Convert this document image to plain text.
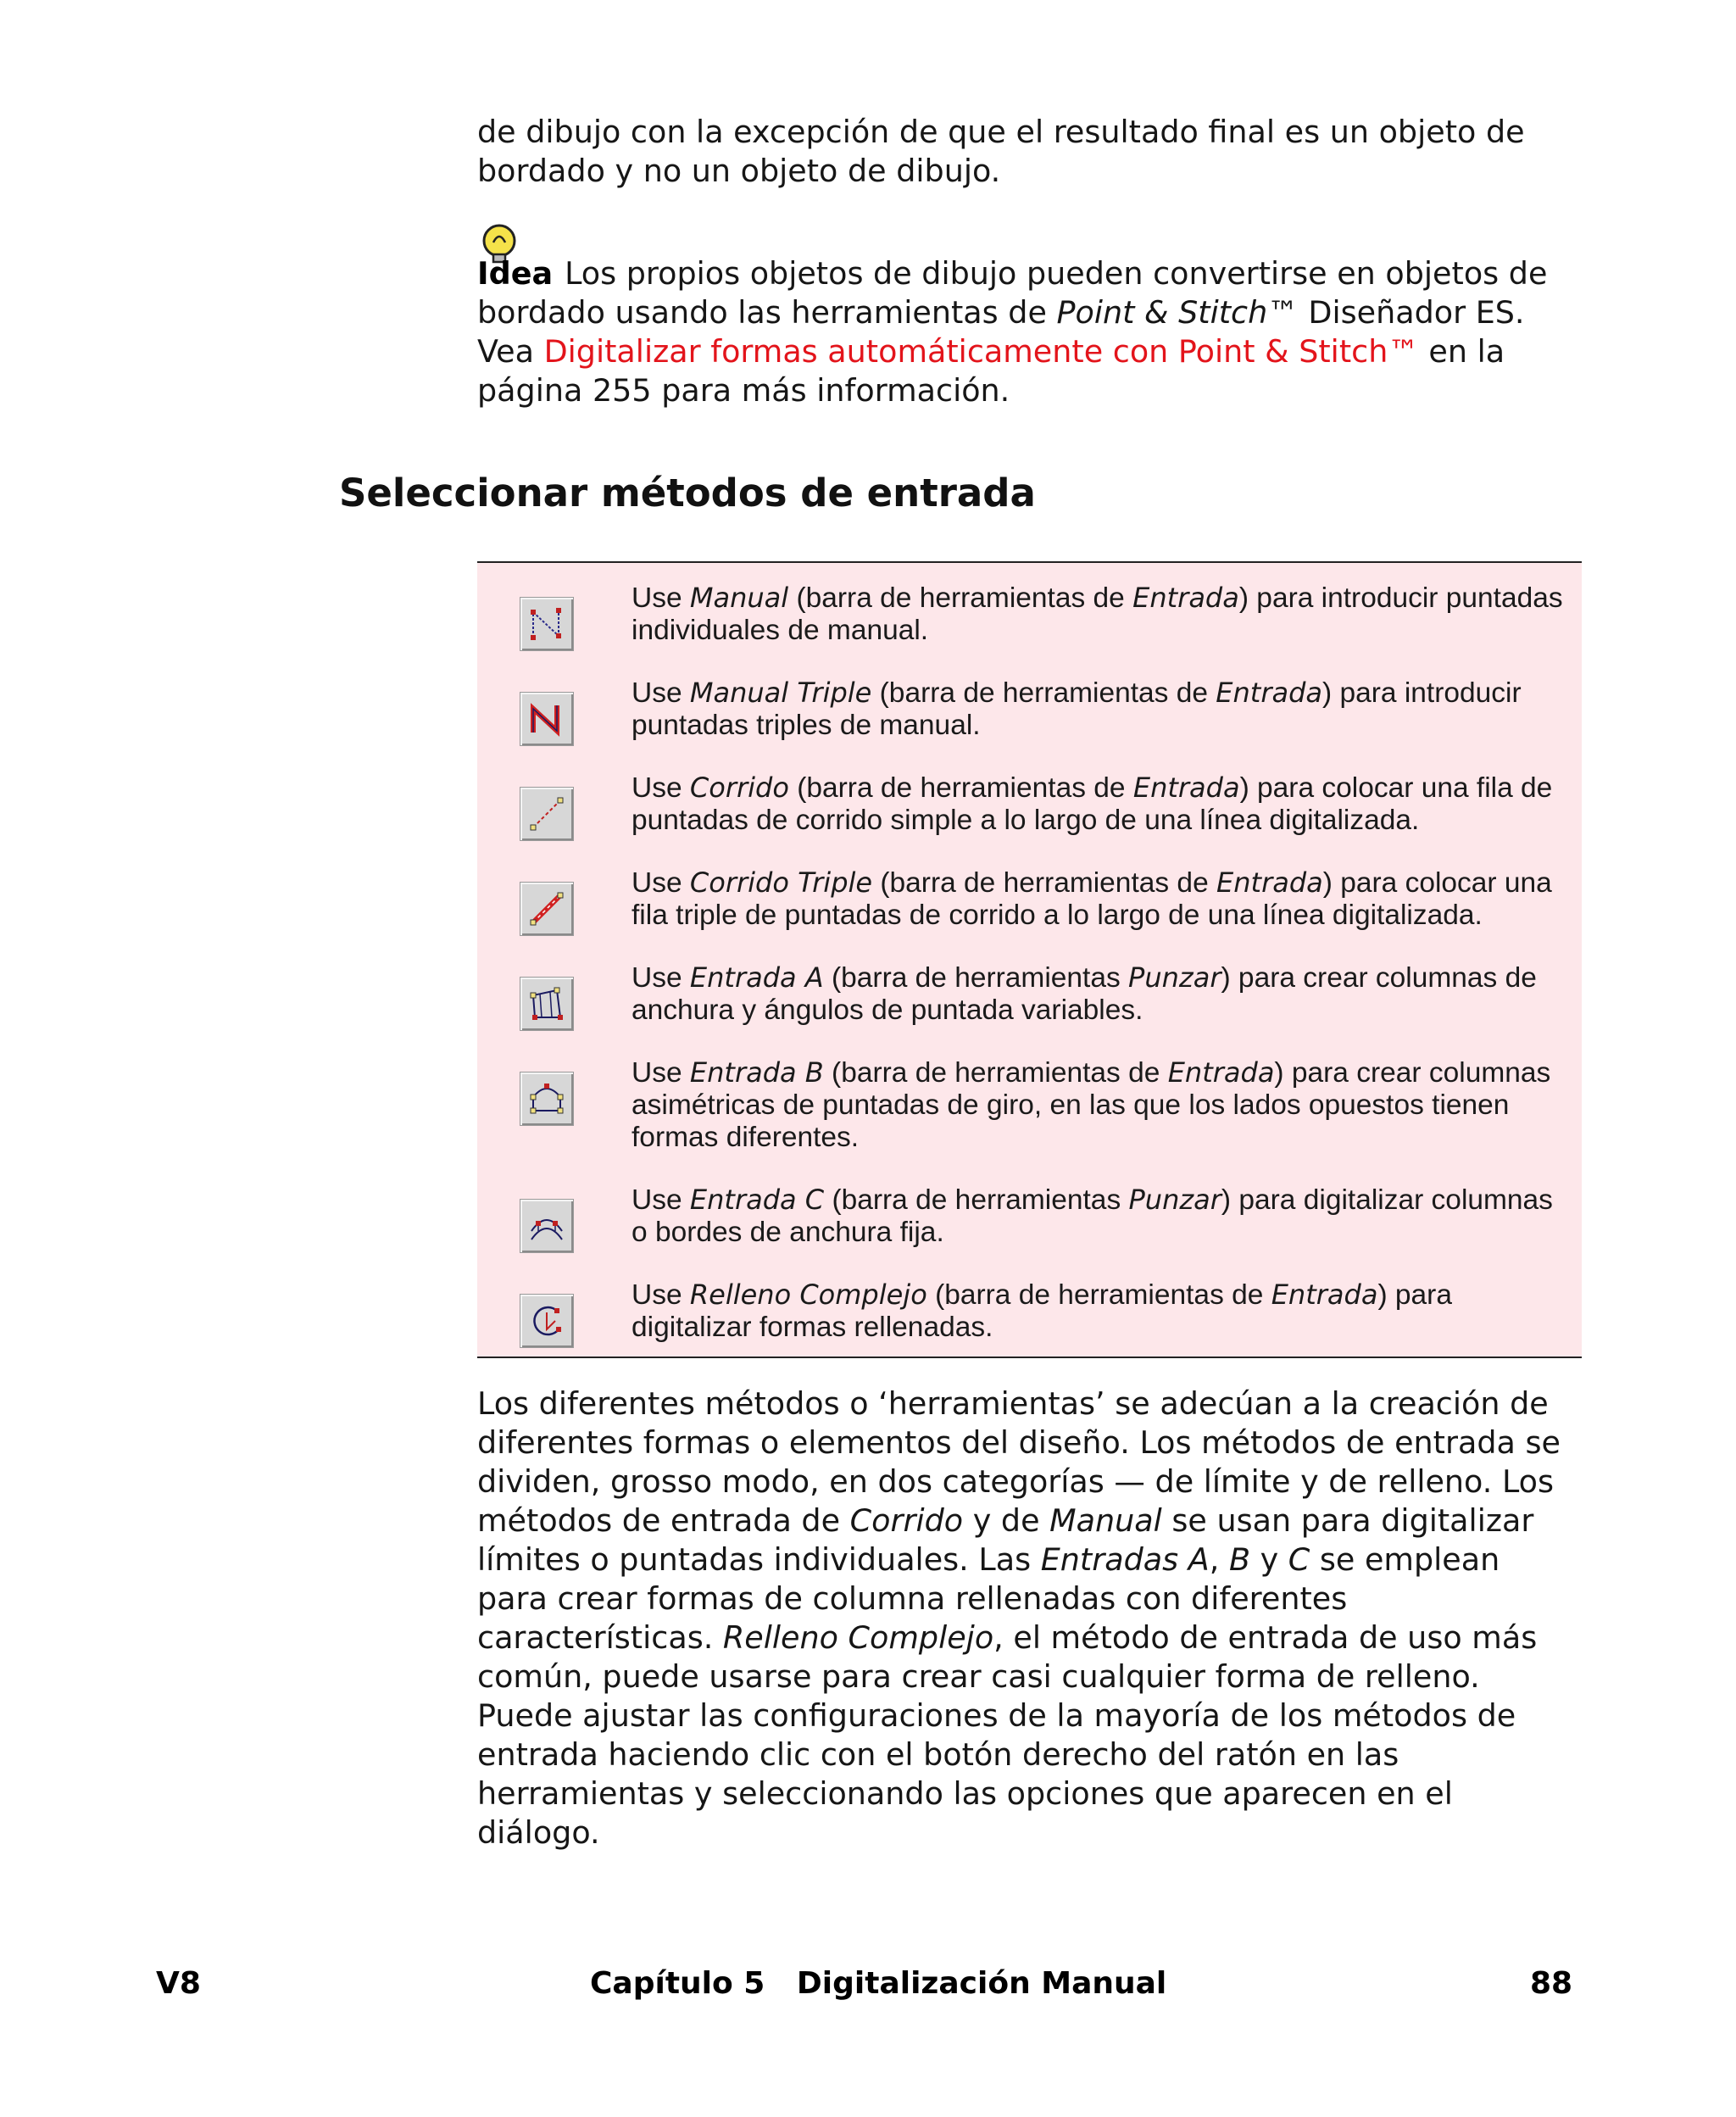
de dibujo con la excepción de que el resultado final es un objeto de bordado y no un objeto de dibujo.
Idea Los propios objetos de dibujo pueden convertirse en objetos de bordado usando las herramientas de Point & Stitch™ Diseñador ES. Vea Digitalizar formas automáticamente con Point & Stitch™ en la página 255 para más información.
Seleccionar métodos de entrada
Use Manual (barra de herramientas de Entrada) para introducir puntadas individuales de manual.
Use Manual Triple (barra de herramientas de Entrada) para introducir puntadas triples de manual.
Use Corrido (barra de herramientas de Entrada) para colocar una fila de puntadas de corrido simple a lo largo de una línea digitalizada.
Use Corrido Triple (barra de herramientas de Entrada) para colocar una fila triple de puntadas de corrido a lo largo de una línea digitalizada.
Use Entrada A (barra de herramientas Punzar) para crear columnas de anchura y ángulos de puntada variables.
Use Entrada B (barra de herramientas de Entrada) para crear columnas asimétricas de puntadas de giro, en las que los lados opuestos tienen formas diferentes.
Use Entrada C (barra de herramientas Punzar) para digitalizar columnas o bordes de anchura fija.
Use Relleno Complejo (barra de herramientas de Entrada) para digitalizar formas rellenadas.
Los diferentes métodos o ‘herramientas’ se adecúan a la creación de diferentes formas o elementos del diseño. Los métodos de entrada se dividen, grosso modo, en dos categorías — de límite y de relleno. Los métodos de entrada de Corrido y de Manual se usan para digitalizar límites o puntadas individuales. Las Entradas A, B y C se emplean para crear formas de columna rellenadas con diferentes características. Relleno Complejo, el método de entrada de uso más común, puede usarse para crear casi cualquier forma de relleno. Puede ajustar las configuraciones de la mayoría de los métodos de entrada haciendo clic con el botón derecho del ratón en las herramientas y seleccionando las opciones que aparecen en el diálogo.
V8	Capítulo 5   Digitalización Manual	88
